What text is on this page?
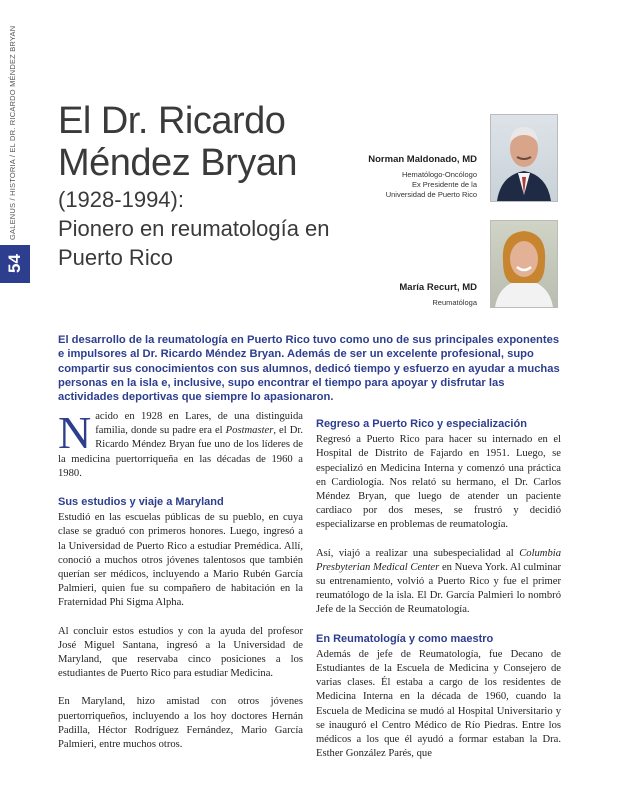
GALENUS / HISTORIA / EL DR. RICARDO MÉNDEZ BRYAN
54
El Dr. Ricardo
Méndez Bryan
(1928-1994):
Pionero en reumatología en
Puerto Rico
Norman Maldonado, MD
Hematólogo-Oncólogo
Ex Presidente de la
Universidad de Puerto Rico
María Recurt, MD
Reumatóloga
El desarrollo de la reumatología en Puerto Rico tuvo como uno de sus principales exponentes e impulsores al Dr. Ricardo Méndez Bryan. Además de ser un excelente profesional, supo compartir sus conocimientos con sus alumnos, dedicó tiempo y esfuerzo en ayudar a muchas personas en la isla e, inclusive, supo encontrar el tiempo para apoyar y disfrutar las actividades deportivas que siempre lo apasionaron.

Nacido en 1928 en Lares, de una distinguida familia, donde su padre era el Postmaster, el Dr. Ricardo Méndez Bryan fue uno de los líderes de la medicina puertorriqueña en las décadas de 1960 a 1980.

Sus estudios y viaje a Maryland

Estudió en las escuelas públicas de su pueblo, en cuya clase se graduó con primeros honores. Luego, ingresó a la Universidad de Puerto Rico a estudiar Premédica. Allí, conoció a muchos otros jóvenes talentosos que también querían ser médicos, incluyendo a Mario Rubén García Palmieri, quien fue su compañero de habitación en la Fraternidad Phi Sigma Alpha.

Al concluir estos estudios y con la ayuda del profesor José Miguel Santana, ingresó a la Universidad de Maryland, que reservaba cinco posiciones a los estudiantes de Puerto Rico para estudiar Medicina.

En Maryland, hizo amistad con otros jóvenes puertorriqueños, incluyendo a los hoy doctores Hernán Padilla, Héctor Rodríguez Fernández, Mario García Palmieri, entre muchos otros.

Regreso a Puerto Rico y especialización

Regresó a Puerto Rico para hacer su internado en el Hospital de Distrito de Fajardo en 1951. Luego, se especializó en Medicina Interna y comenzó una práctica en Cardiología. Nos relató su hermano, el Dr. Carlos Méndez Bryan, que luego de atender un paciente cardiaco por dos meses, se frustró y decidió especializarse en problemas de reumatología.

Así, viajó a realizar una subespecialidad al Columbia Presbyterian Medical Center en Nueva York. Al culminar su entrenamiento, volvió a Puerto Rico y fue el primer reumatólogo de la isla. El Dr. García Palmieri lo nombró Jefe de la Sección de Reumatología.

En Reumatología y como maestro

Además de jefe de Reumatología, fue Decano de Estudiantes de la Escuela de Medicina y Consejero de varias clases. Él estaba a cargo de los residentes de Medicina Interna en la década de 1960, cuando la Escuela de Medicina se mudó al Hospital Universitario y se inauguró el Centro Médico de Río Piedras. Entre los médicos a los que él ayudó a formar estaban la Dra. Esther González Parés, que
